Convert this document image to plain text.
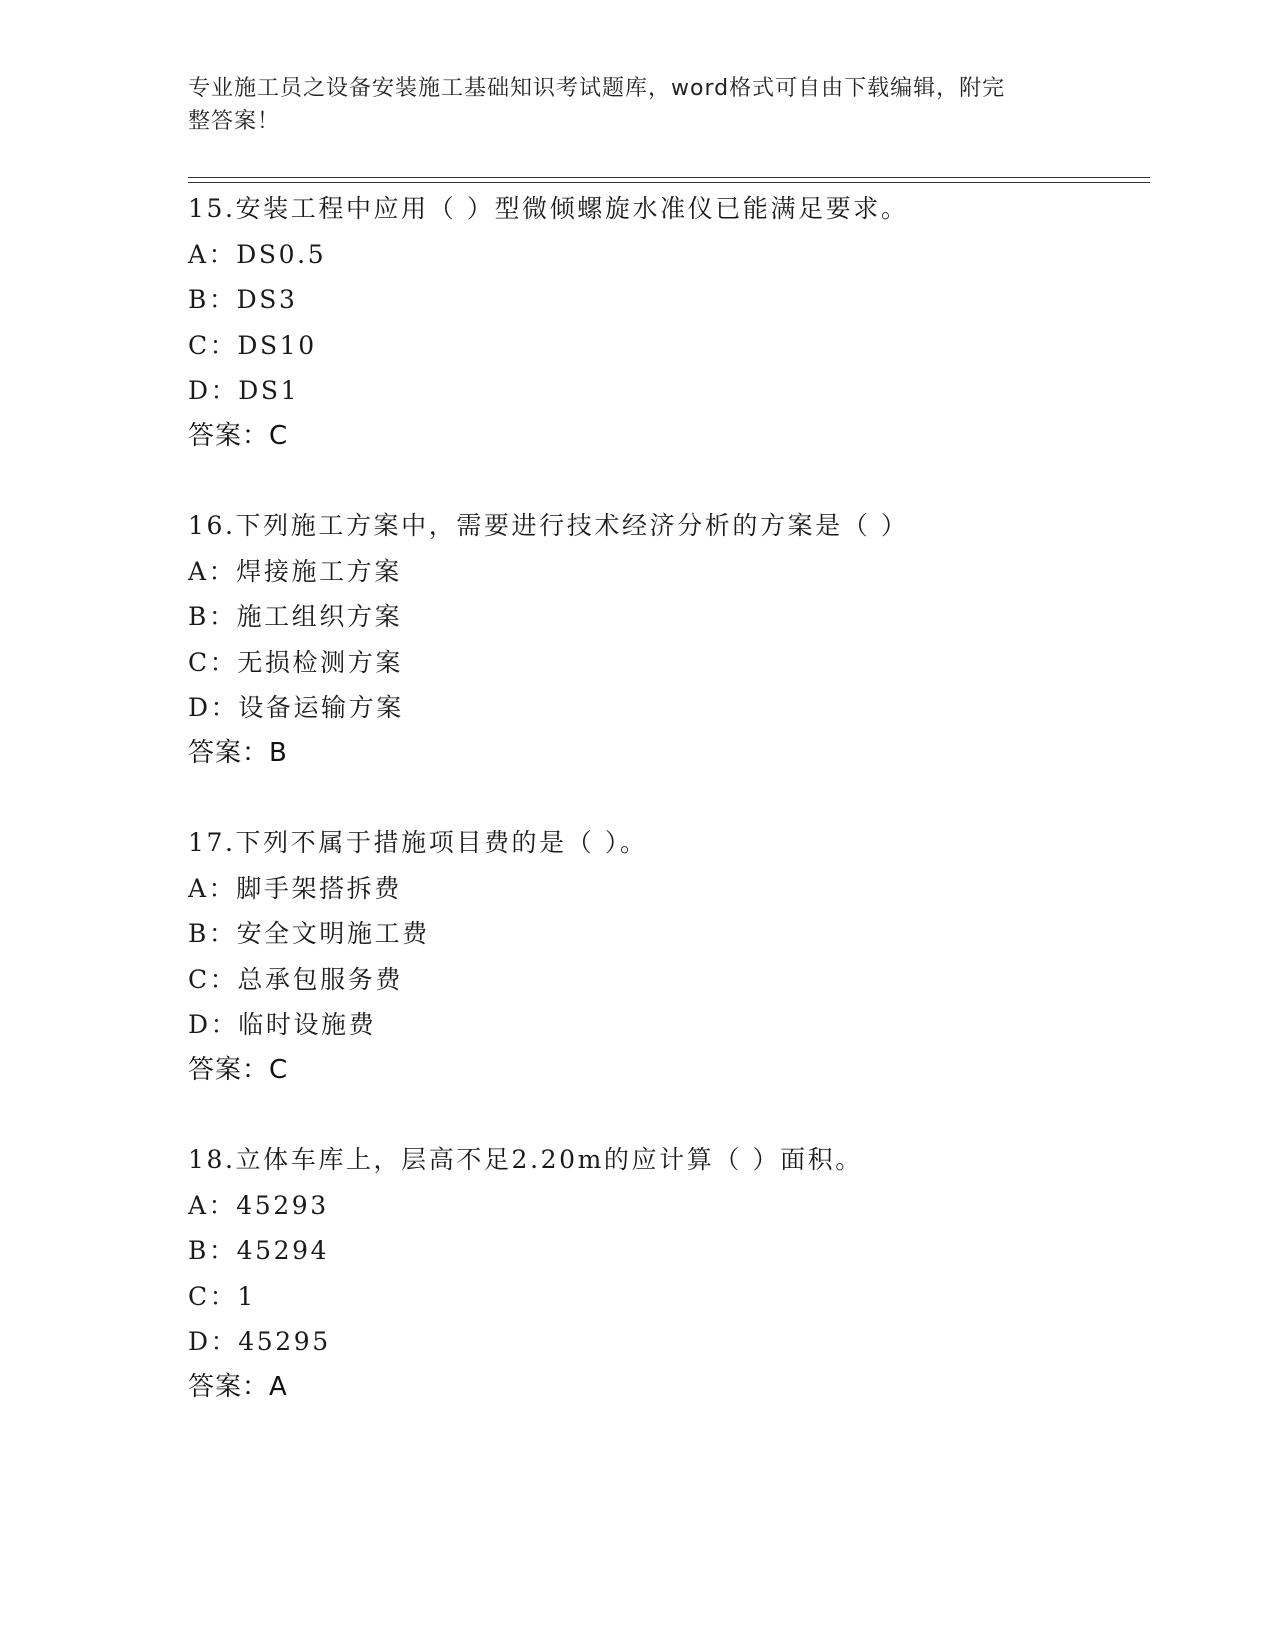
专业施工员之设备安装施工基础知识考试题库，word格式可自由下载编辑，附完
整答案！
15.安装工程中应用（ ）型微倾螺旋水准仪已能满足要求。
A：DS0.5
B：DS3
C：DS10
D：DS1
答案：C
16.下列施工方案中，需要进行技术经济分析的方案是（ ）
A：焊接施工方案
B：施工组织方案
C：无损检测方案
D：设备运输方案
答案：B
17.下列不属于措施项目费的是（ ）。
A：脚手架搭拆费
B：安全文明施工费
C：总承包服务费
D：临时设施费
答案：C
18.立体车库上，层高不足2.20m的应计算（ ）面积。
A：45293
B：45294
C：1
D：45295
答案：A
